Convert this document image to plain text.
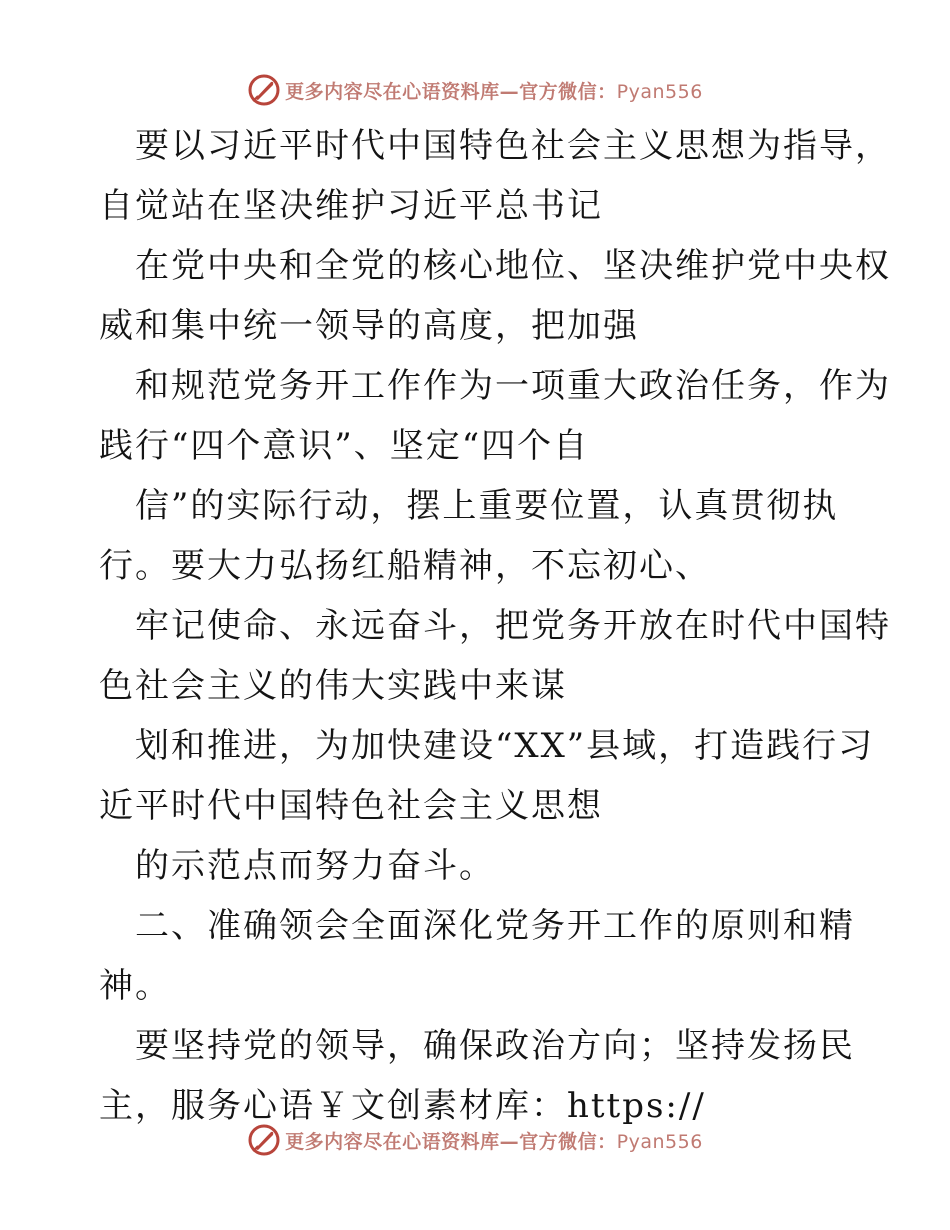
更多内容尽在心语资料库—官方微信：Pyan556
要以习近平时代中国特色社会主义思想为指导，
自觉站在坚决维护习近平总书记
在党中央和全党的核心地位、坚决维护党中央权
威和集中统一领导的高度，把加强
和规范党务开工作作为一项重大政治任务，作为
践行“四个意识”、坚定“四个自
信”的实际行动，摆上重要位置，认真贯彻执
行。要大力弘扬红船精神，不忘初心、
牢记使命、永远奋斗，把党务开放在时代中国特
色社会主义的伟大实践中来谋
划和推进，为加快建设“XX”县域，打造践行习
近平时代中国特色社会主义思想
的示范点而努力奋斗。
二、准确领会全面深化党务开工作的原则和精
神。
要坚持党的领导，确保政治方向；坚持发扬民
主，服务心语￥文创素材库：https://
更多内容尽在心语资料库—官方微信：Pyan556
